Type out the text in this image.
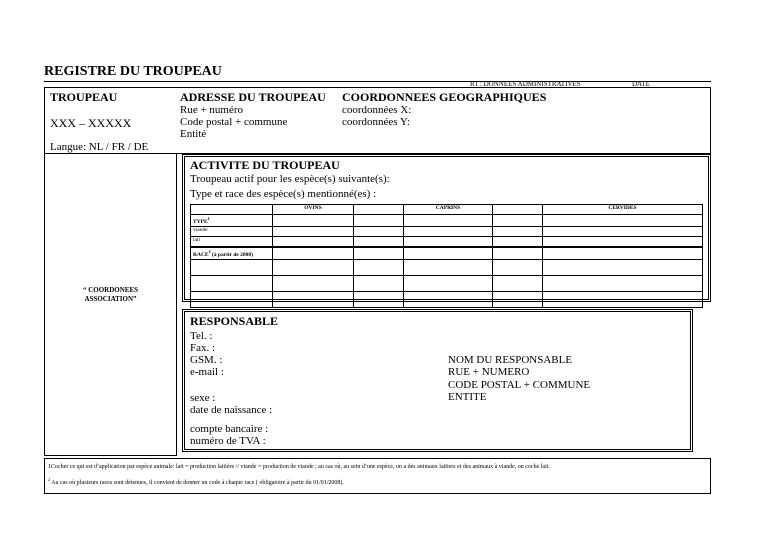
REGISTRE DU TROUPEAU
R1 : DONNEES ADMINISTRATIVES	DATE
TROUPEAU
XXX – XXXXX
Langue: NL / FR / DE
ADRESSE DU TROUPEAU
Rue + numéro
Code postal + commune
Entité
COORDONNEES GEOGRAPHIQUES
coordonnées X:
coordonnées Y:
“ COORDONEES
ASSOCIATION”
ACTIVITE DU TROUPEAU
Troupeau actif pour les espèce(s) suivante(s):
Type et race des espèce(s) mentionné(es) :
	OVINS		CAPRINS		CERVIDES
TYPE$^1$					
viande					
lait					
RACE$^2$ (à partir de 2008)					

RESPONSABLE
Tel. :
Fax. :
GSM. :
e-mail :
sexe :
date de naissance :
compte bancaire :
numéro de TVA :
NOM DU RESPONSABLE
RUE + NUMERO
CODE POSTAL + COMMUNE
ENTITE
1Cocher ce qui est d’application par espèce animale: lait = production laitière // viande = production de viande ; au cas où, au sein d’une espèce, on a des animaux laitiers et des animaux à viande, on coche lait.
$^2$ Au cas où plusieurs races sont détenues, il convient de donner un code à chaque race ( obligatoire à partir du 01/01/2008).
